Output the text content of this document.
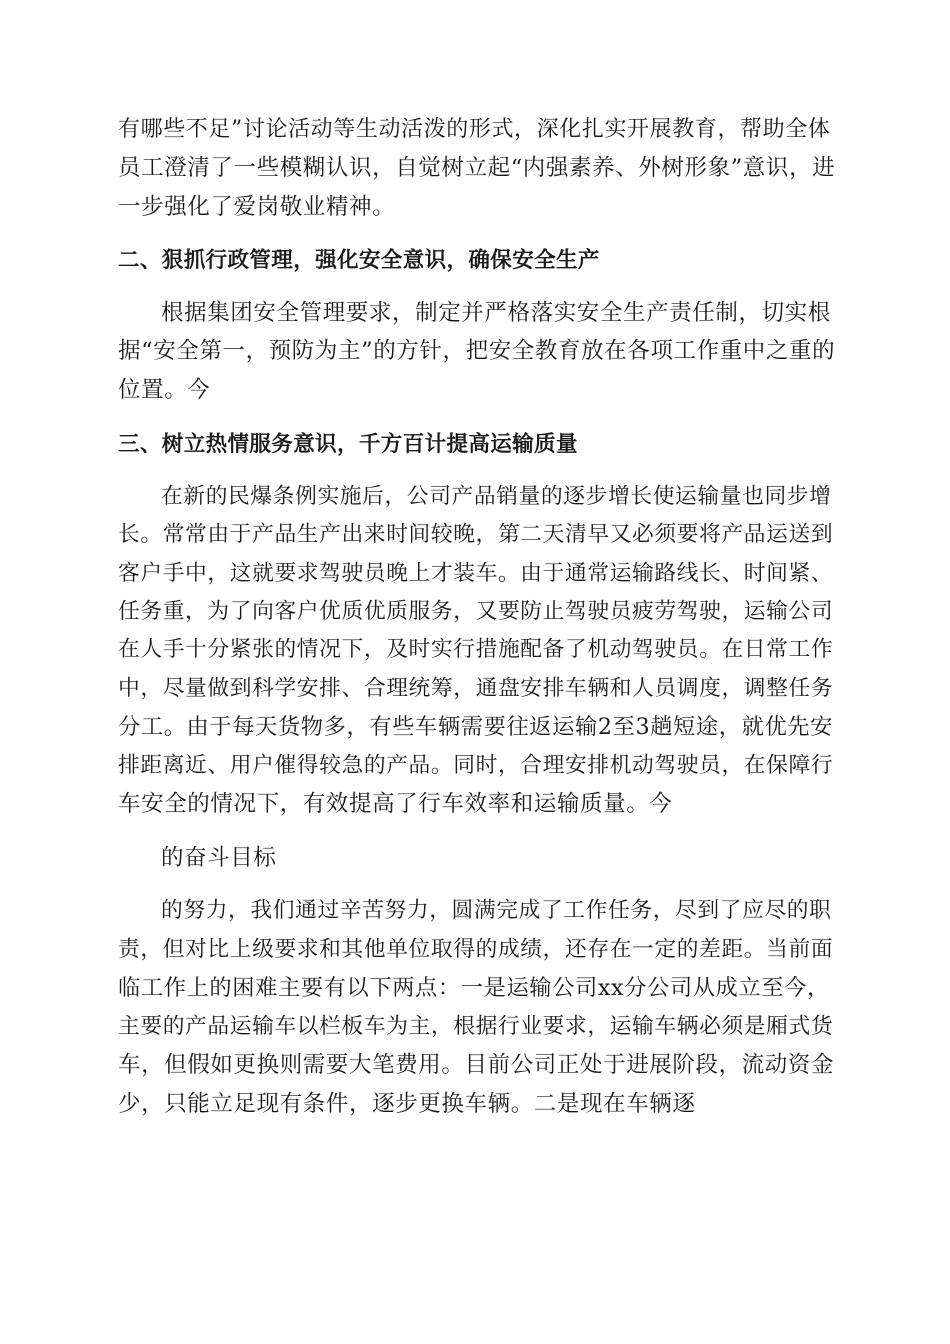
有哪些不足”讨论活动等生动活泼的形式，深化扎实开展教育，帮助全体
员工澄清了一些模糊认识，自觉树立起“内强素养、外树形象”意识，进
一步强化了爱岗敬业精神。
二、狠抓行政管理，强化安全意识，确保安全生产
根据集团安全管理要求，制定并严格落实安全生产责任制，切实根
据“安全第一，预防为主”的方针，把安全教育放在各项工作重中之重的
位置。今
三、树立热情服务意识，千方百计提高运输质量
在新的民爆条例实施后，公司产品销量的逐步增长使运输量也同步增
长。常常由于产品生产出来时间较晚，第二天清早又必须要将产品运送到
客户手中，这就要求驾驶员晚上才装车。由于通常运输路线长、时间紧、
任务重，为了向客户优质优质服务，又要防止驾驶员疲劳驾驶，运输公司
在人手十分紧张的情况下，及时实行措施配备了机动驾驶员。在日常工作
中，尽量做到科学安排、合理统筹，通盘安排车辆和人员调度，调整任务
分工。由于每天货物多，有些车辆需要往返运输2至3趟短途，就优先安
排距离近、用户催得较急的产品。同时，合理安排机动驾驶员，在保障行
车安全的情况下，有效提高了行车效率和运输质量。今
的奋斗目标
的努力，我们通过辛苦努力，圆满完成了工作任务，尽到了应尽的职
责，但对比上级要求和其他单位取得的成绩，还存在一定的差距。当前面
临工作上的困难主要有以下两点：一是运输公司xx分公司从成立至今，
主要的产品运输车以栏板车为主，根据行业要求，运输车辆必须是厢式货
车，但假如更换则需要大笔费用。目前公司正处于进展阶段，流动资金
少，只能立足现有条件，逐步更换车辆。二是现在车辆逐
